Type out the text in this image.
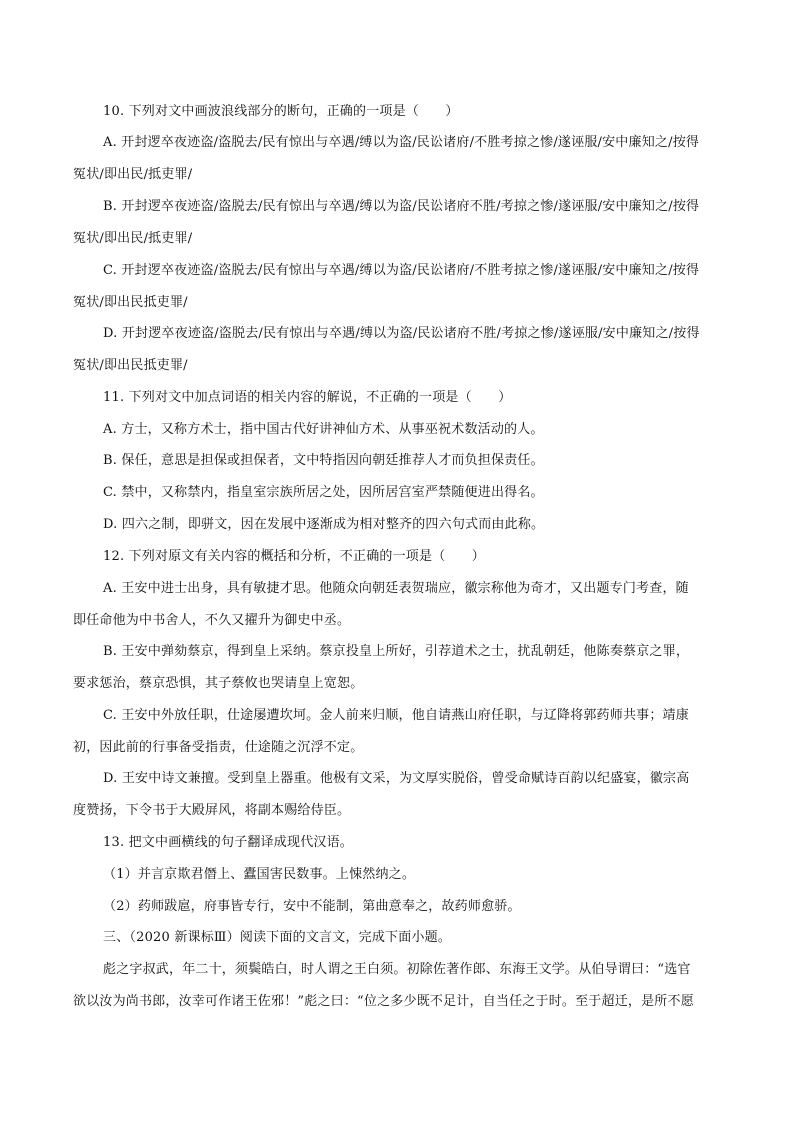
10. 下列对文中画波浪线部分的断句，正确的一项是（　　）
A. 开封逻卒夜迹盗/盗脱去/民有惊出与卒遇/缚以为盗/民讼诸府/不胜考掠之惨/遂诬服/安中廉知之/按得
冤状/即出民/抵吏罪/
B. 开封逻卒夜迹盗/盗脱去/民有惊出与卒遇/缚以为盗/民讼诸府不胜/考掠之惨/遂诬服/安中廉知之/按得
冤状/即出民/抵吏罪/
C. 开封逻卒夜迹盗/盗脱去/民有惊出与卒遇/缚以为盗/民讼诸府/不胜考掠之惨/遂诬服/安中廉知之/按得
冤状/即出民抵吏罪/
D. 开封逻卒夜迹盗/盗脱去/民有惊出与卒遇/缚以为盗/民讼诸府不胜/考掠之惨/遂诬服/安中廉知之/按得
冤状/即出民抵吏罪/
11. 下列对文中加点词语的相关内容的解说，不正确的一项是（　　）
A. 方士，又称方术士，指中国古代好讲神仙方术、从事巫祝术数活动的人。
B. 保任，意思是担保或担保者，文中特指因向朝廷推荐人才而负担保责任。
C. 禁中，又称禁内，指皇室宗族所居之处，因所居宫室严禁随便进出得名。
D. 四六之制，即骈文，因在发展中逐渐成为相对整齐的四六句式而由此称。
12. 下列对原文有关内容的概括和分析，不正确的一项是（　　）
A. 王安中进士出身，具有敏捷才思。他随众向朝廷表贺瑞应，徽宗称他为奇才，又出题专门考查，随
即任命他为中书舍人，不久又擢升为御史中丞。
B. 王安中弹劾蔡京，得到皇上采纳。蔡京投皇上所好，引荐道术之士，扰乱朝廷，他陈奏蔡京之罪，
要求惩治，蔡京恐惧，其子蔡攸也哭请皇上宽恕。
C. 王安中外放任职，仕途屡遭坎坷。金人前来归顺，他自请燕山府任职，与辽降将郭药师共事；靖康
初，因此前的行事备受指责，仕途随之沉浮不定。
D. 王安中诗文兼擅。受到皇上器重。他极有文采，为文厚实脱俗，曾受命赋诗百韵以纪盛宴，徽宗高
度赞扬，下令书于大殿屏风，将副本赐给侍臣。
13. 把文中画横线的句子翻译成现代汉语。
（1）并言京欺君僭上、蠹国害民数事。上悚然纳之。
（2）药师跋扈，府事皆专行，安中不能制，第曲意奉之，故药师愈骄。
三、（2020 新课标Ⅲ）阅读下面的文言文，完成下面小题。
彪之字叔武，年二十，须鬓皓白，时人谓之王白须。初除佐著作郎、东海王文学。从伯导谓曰：“选官
欲以汝为尚书郎，汝幸可作诸王佐邪！”彪之曰：“位之多少既不足计，自当任之于时。至于超迁，是所不愿
